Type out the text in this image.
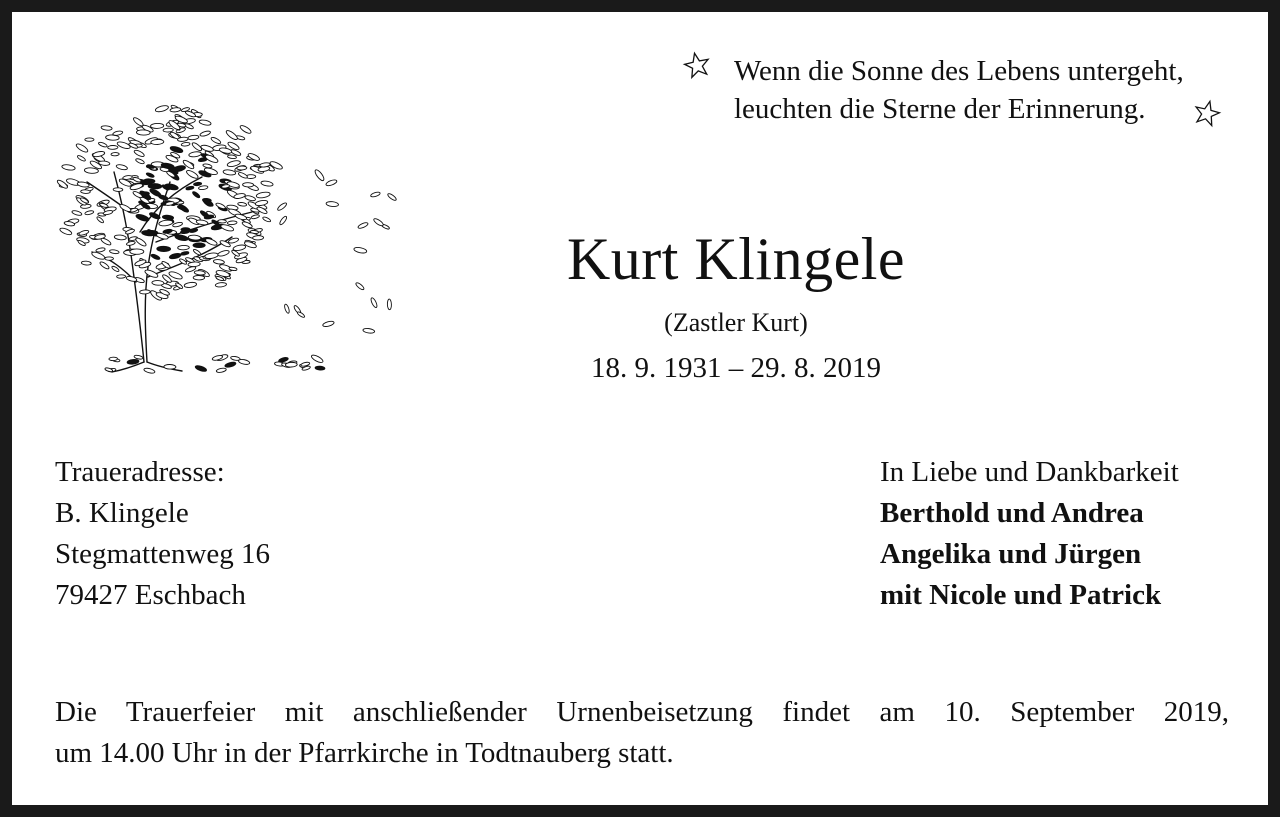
Wenn die Sonne des Lebens untergeht,
leuchten die Sterne der Erinnerung.
Kurt Klingele
(Zastler Kurt)
18. 9. 1931 – 29. 8. 2019
Traueradresse:
B. Klingele
Stegmattenweg 16
79427 Eschbach
In Liebe und Dankbarkeit
Berthold und Andrea
Angelika und Jürgen
mit Nicole und Patrick
Die Trauerfeier mit anschließender Urnenbeisetzung findet am 10. September 2019,
um 14.00 Uhr in der Pfarrkirche in Todtnauberg statt.
